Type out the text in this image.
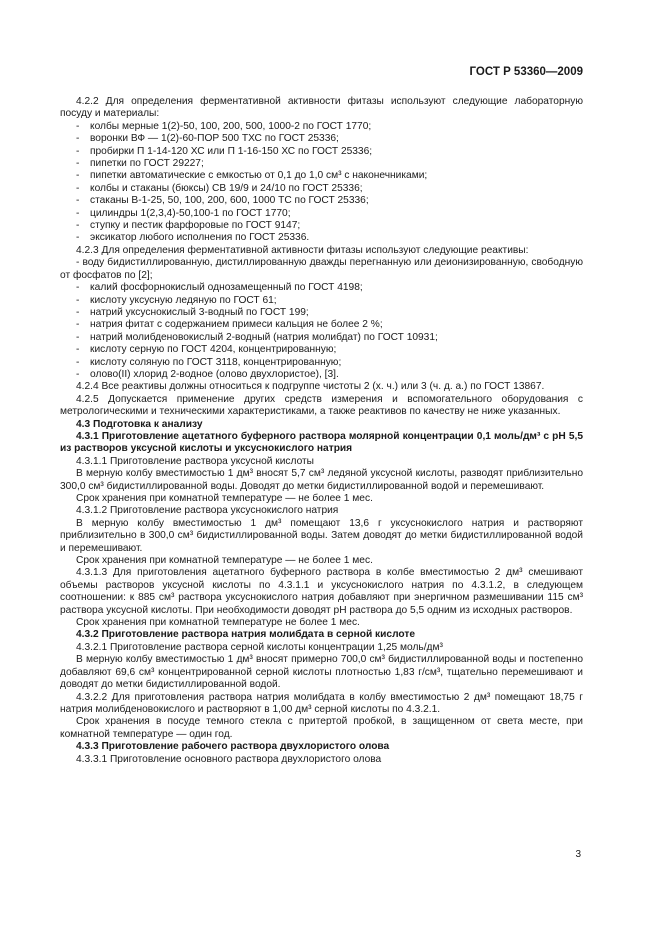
ГОСТ Р 53360—2009

4.2.2 Для определения ферментативной активности фитазы используют следующие лабораторную посуду и материалы:

- колбы мерные 1(2)-50, 100, 200, 500, 1000-2 по ГОСТ 1770;

- воронки ВФ — 1(2)-60-ПОР 500 ТХС по ГОСТ 25336;

- пробирки П 1-14-120 ХС или П 1-16-150 ХС по ГОСТ 25336;

- пипетки по ГОСТ 29227;

- пипетки автоматические с емкостью от 0,1 до 1,0 см³ с наконечниками;

- колбы и стаканы (бюксы) СВ 19/9 и 24/10 по ГОСТ 25336;

- стаканы В-1-25, 50, 100, 200, 600, 1000 ТС по ГОСТ 25336;

- цилиндры 1(2,3,4)-50,100-1 по ГОСТ 1770;

- ступку и пестик фарфоровые по ГОСТ 9147;

- эксикатор любого исполнения по ГОСТ 25336.

4.2.3 Для определения ферментативной активности фитазы используют следующие реактивы:

- воду бидистиллированную, дистиллированную дважды перегнанную или деионизированную, свободную от фосфатов по [2];

- калий фосфорнокислый однозамещенный по ГОСТ 4198;

- кислоту уксусную ледяную по ГОСТ 61;

- натрий уксуснокислый 3-водный по ГОСТ 199;

- натрия фитат с содержанием примеси кальция не более 2 %;

- натрий молибденовокислый 2-водный (натрия молибдат) по ГОСТ 10931;

- кислоту серную по ГОСТ 4204, концентрированную;

- кислоту соляную по ГОСТ 3118, концентрированную;

- олово(II) хлорид 2-водное (олово двухлористое), [3].

4.2.4 Все реактивы должны относиться к подгруппе чистоты 2 (х. ч.) или 3 (ч. д. а.) по ГОСТ 13867.

4.2.5 Допускается применение других средств измерения и вспомогательного оборудования с метрологическими и техническими характеристиками, а также реактивов по качеству не ниже указанных.

4.3 Подготовка к анализу

4.3.1 Приготовление ацетатного буферного раствора молярной концентрации 0,1 моль/дм³ с рН 5,5 из растворов уксусной кислоты и уксуснокислого натрия

4.3.1.1 Приготовление раствора уксусной кислоты

В мерную колбу вместимостью 1 дм³ вносят 5,7 см³ ледяной уксусной кислоты, разводят приблизительно 300,0 см³ бидистиллированной воды. Доводят до метки бидистиллированной водой и перемешивают.

Срок хранения при комнатной температуре — не более 1 мес.

4.3.1.2 Приготовление раствора уксуснокислого натрия

В мерную колбу вместимостью 1 дм³ помещают 13,6 г уксуснокислого натрия и растворяют приблизительно в 300,0 см³ бидистиллированной воды. Затем доводят до метки бидистиллированной водой и перемешивают.

Срок хранения при комнатной температуре — не более 1 мес.

4.3.1.3 Для приготовления ацетатного буферного раствора в колбе вместимостью 2 дм³ смешивают объемы растворов уксусной кислоты по 4.3.1.1 и уксуснокислого натрия по 4.3.1.2, в следующем соотношении: к 885 см³ раствора уксуснокислого натрия добавляют при энергичном размешивании 115 см³ раствора уксусной кислоты. При необходимости доводят рН раствора до 5,5 одним из исходных растворов.

Срок хранения при комнатной температуре не более 1 мес.

4.3.2 Приготовление раствора натрия молибдата в серной кислоте

4.3.2.1 Приготовление раствора серной кислоты концентрации 1,25 моль/дм³

В мерную колбу вместимостью 1 дм³ вносят примерно 700,0 см³ бидистиллированной воды и постепенно добавляют 69,6 см³ концентрированной серной кислоты плотностью 1,83 г/см³, тщательно перемешивают и доводят до метки бидистиллированной водой.

4.3.2.2 Для приготовления раствора натрия молибдата в колбу вместимостью 2 дм³ помещают 18,75 г натрия молибденовокислого и растворяют в 1,00 дм³ серной кислоты по 4.3.2.1.

Срок хранения в посуде темного стекла с притертой пробкой, в защищенном от света месте, при комнатной температуре — один год.

4.3.3 Приготовление рабочего раствора двухлористого олова

4.3.3.1 Приготовление основного раствора двухлористого олова

3
